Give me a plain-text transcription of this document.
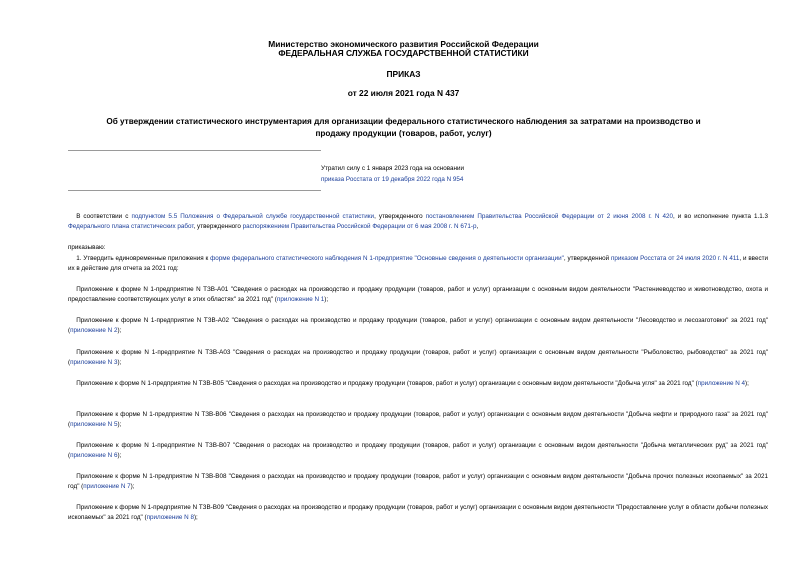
Министерство экономического развития Российской Федерации
ФЕДЕРАЛЬНАЯ СЛУЖБА ГОСУДАРСТВЕННОЙ СТАТИСТИКИ
ПРИКАЗ
от 22 июля 2021 года N 437
Об утверждении статистического инструментария для организации федерального статистического наблюдения за затратами на производство и продажу продукции (товаров, работ, услуг)
Утратил силу с 1 января 2023 года на основании
приказа Росстата от 19 декабря 2022 года N 954
В соответствии с подпунктом 5.5 Положения о Федеральной службе государственной статистики, утвержденного постановлением Правительства Российской Федерации от 2 июня 2008 г. N 420, и во исполнение пункта 1.1.3 Федерального плана статистических работ, утвержденного распоряжением Правительства Российской Федерации от 6 мая 2008 г. N 671-р,
приказываю:
1. Утвердить единовременные приложения к форме федерального статистического наблюдения N 1-предприятие "Основные сведения о деятельности организации", утвержденной приказом Росстата от 24 июля 2020 г. N 411, и ввести их в действие для отчета за 2021 год:
Приложение к форме N 1-предприятие N ТЗВ-А01 "Сведения о расходах на производство и продажу продукции (товаров, работ и услуг) организации с основным видом деятельности "Растениеводство и животноводство, охота и предоставление соответствующих услуг в этих областях" за 2021 год" (приложение N 1);
Приложение к форме N 1-предприятие N ТЗВ-А02 "Сведения о расходах на производство и продажу продукции (товаров, работ и услуг) организации с основным видом деятельности "Лесоводство и лесозаготовки" за 2021 год" (приложение N 2);
Приложение к форме N 1-предприятие N ТЗВ-А03 "Сведения о расходах на производство и продажу продукции (товаров, работ и услуг) организации с основным видом деятельности "Рыболовство, рыбоводство" за 2021 год" (приложение N 3);
Приложение к форме N 1-предприятие N ТЗВ-В05 "Сведения о расходах на производство и продажу продукции (товаров, работ и услуг) организации с основным видом деятельности "Добыча угля" за 2021 год" (приложение N 4);
Приложение к форме N 1-предприятие N ТЗВ-В06 "Сведения о расходах на производство и продажу продукции (товаров, работ и услуг) организации с основным видом деятельности "Добыча нефти и природного газа" за 2021 год" (приложение N 5);
Приложение к форме N 1-предприятие N ТЗВ-В07 "Сведения о расходах на производство и продажу продукции (товаров, работ и услуг) организации с основным видом деятельности "Добыча металлических руд" за 2021 год" (приложение N 6);
Приложение к форме N 1-предприятие N ТЗВ-В08 "Сведения о расходах на производство и продажу продукции (товаров, работ и услуг) организации с основным видом деятельности "Добыча прочих полезных ископаемых" за 2021 год" (приложение N 7);
Приложение к форме N 1-предприятие N ТЗВ-В09 "Сведения о расходах на производство и продажу продукции (товаров, работ и услуг) организации с основным видом деятельности "Предоставление услуг в области добычи полезных ископаемых" за 2021 год" (приложение N 8);
